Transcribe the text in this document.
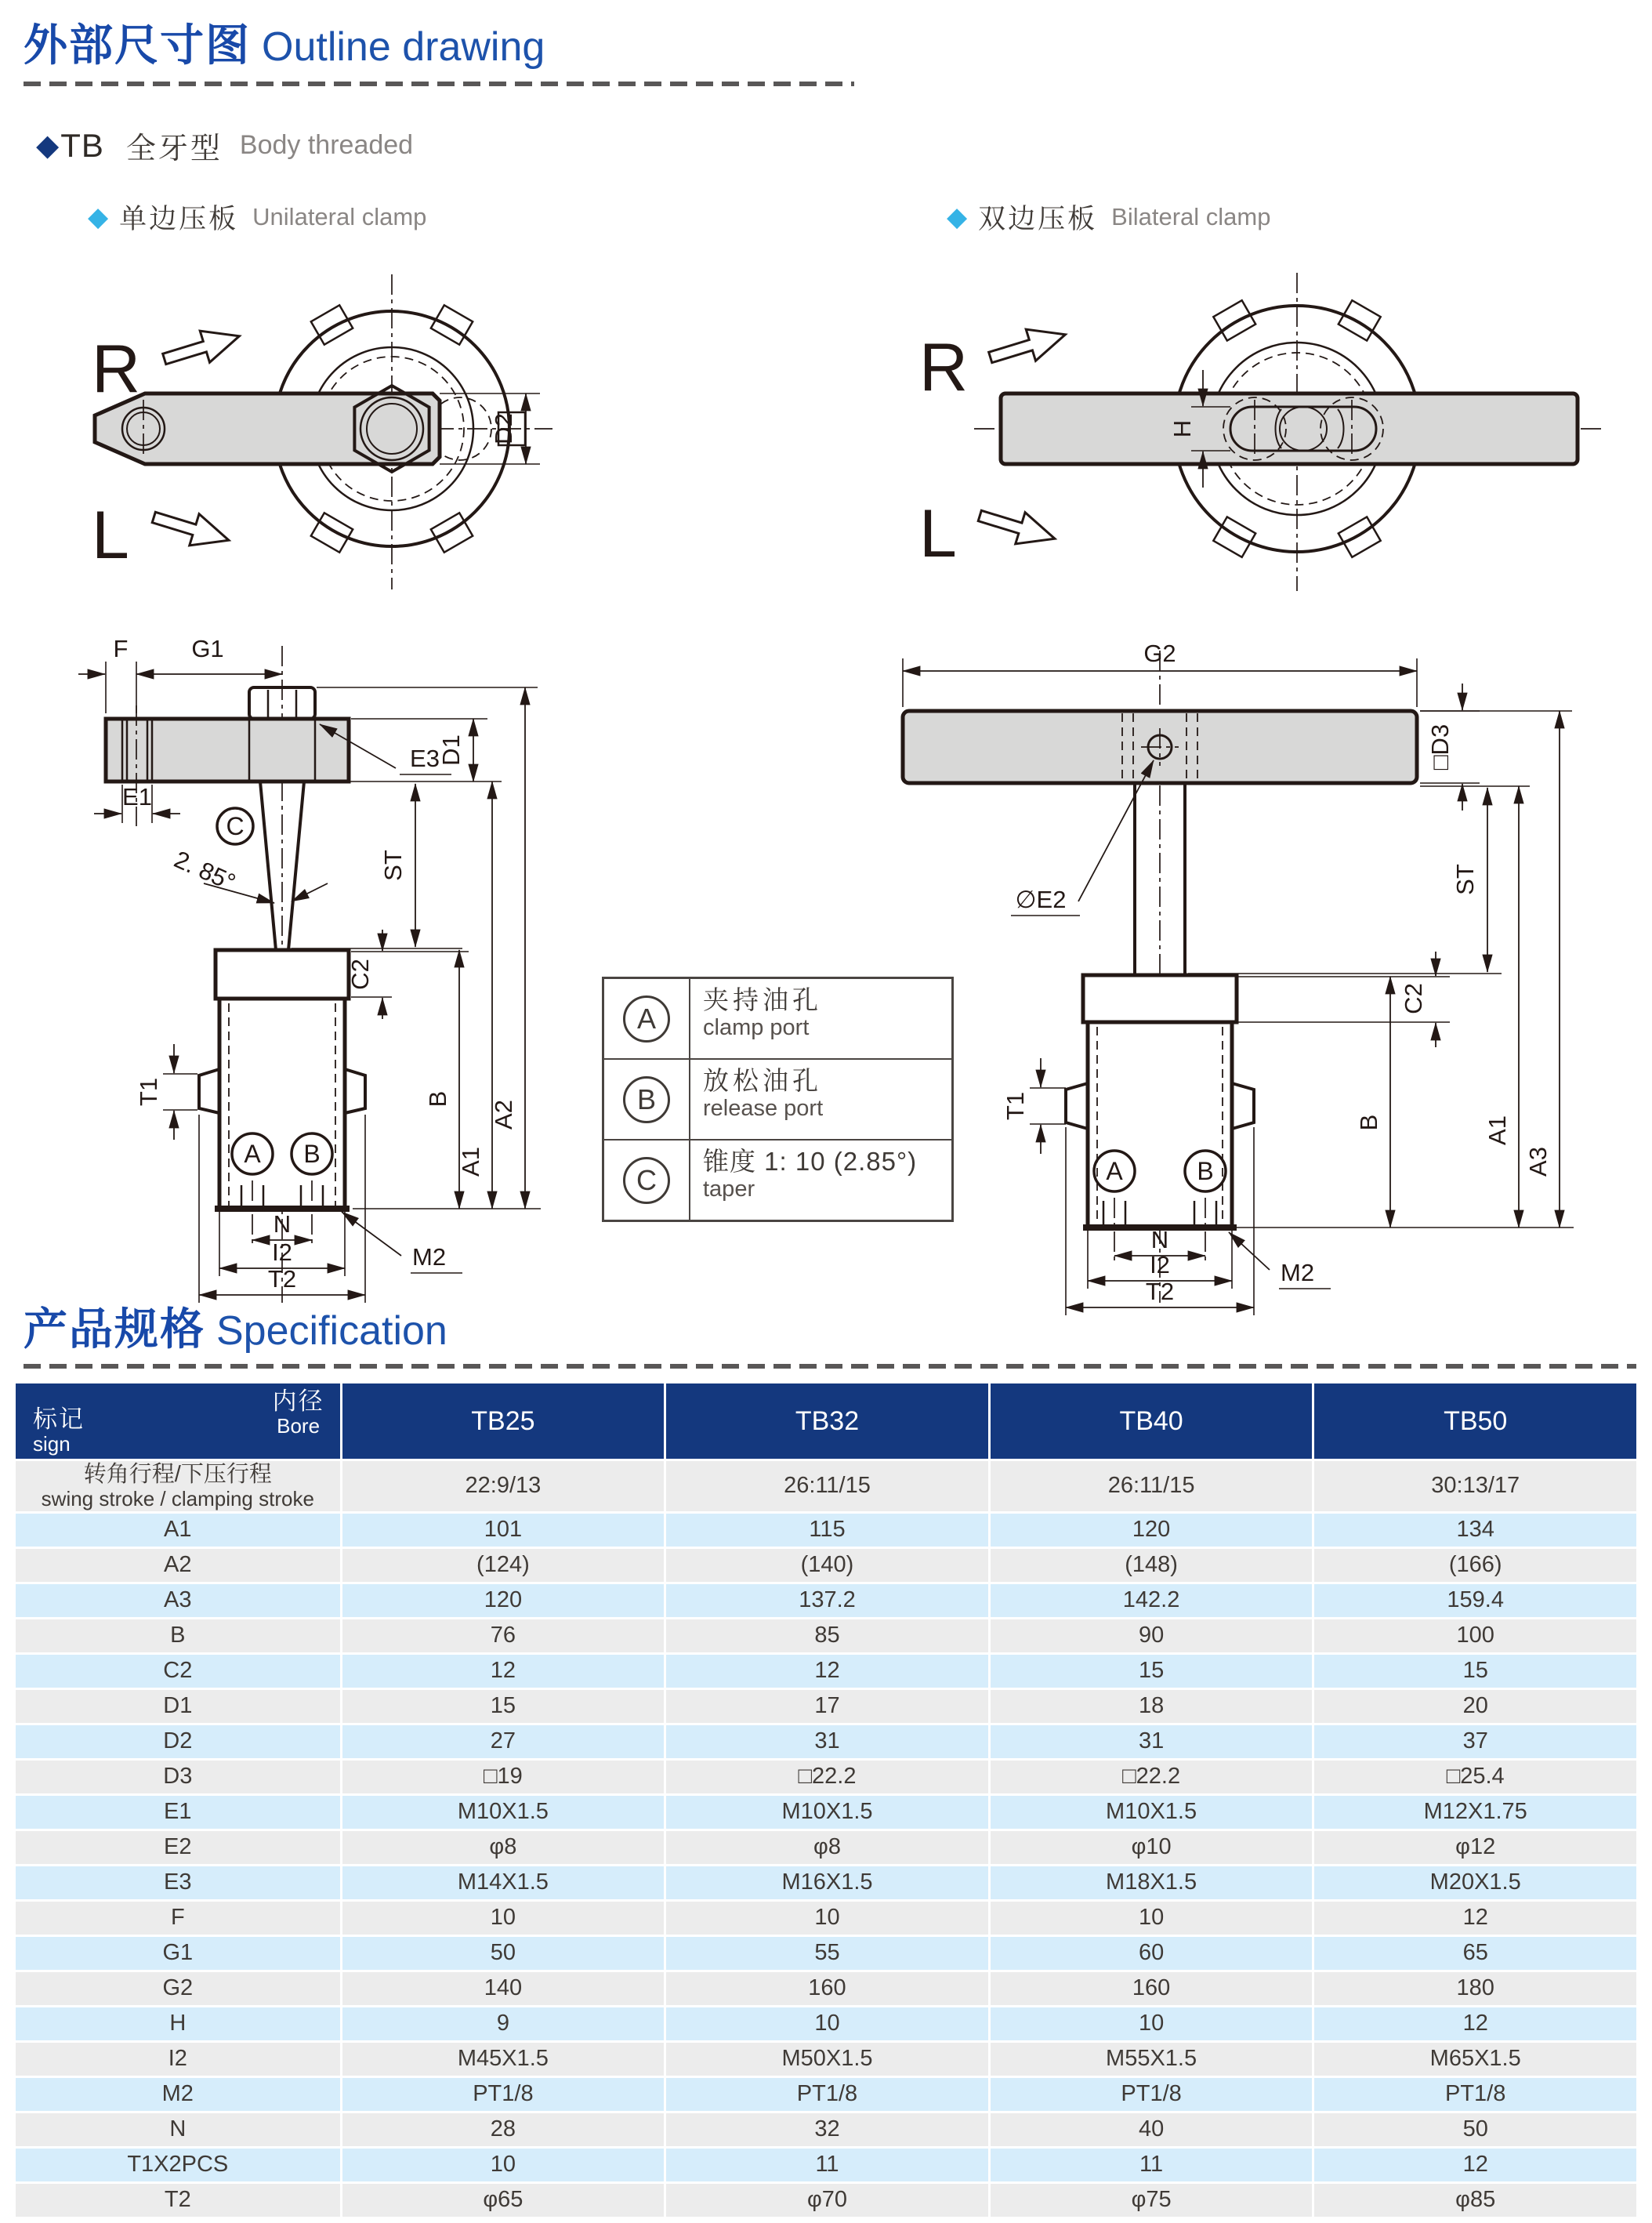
外部尺寸图 Outline drawing
◆ TB 全牙型 Body threaded
◆ 单边压板 Unilateral clamp	◆ 双边压板 Bilateral clamp
D2
R
L
H
R
L
A B
F	G1
E1
E3
D1
C
2. 85°	ST
C2
B
A1
A2
T1
N
I2
T2
M2
G2
∅E2
□D3
A	B
ST
C2
B	A1
A3
T1
N
I2
T2
M2
A
夹持油孔
clamp port
B
放松油孔
release port
C
锥度 1: 10 (2.85°)
taper
产品规格 Specification
内径
Bore
标记
sign
TB25	TB32	TB40	TB50
转角行程/下压行程
swing stroke / clamping stroke
22:9/13	26:11/15	26:11/15	30:13/17
A1	101	115	120	134
A2	(124)	(140)	(148)	(166)
A3	120	137.2	142.2	159.4
B	76	85	90	100
C2	12	12	15	15
D1	15	17	18	20
D2	27	31	31	37
D3	□19	□22.2	□22.2	□25.4
E1	M10X1.5	M10X1.5	M10X1.5	M12X1.75
E2	φ8	φ8	φ10	φ12
E3	M14X1.5	M16X1.5	M18X1.5	M20X1.5
F	10	10	10	12
G1	50	55	60	65
G2	140	160	160	180
H	9	10	10	12
I2	M45X1.5	M50X1.5	M55X1.5	M65X1.5
M2	PT1/8	PT1/8	PT1/8	PT1/8
N	28	32	40	50
T1X2PCS	10	11	11	12
T2	φ65	φ70	φ75	φ85
